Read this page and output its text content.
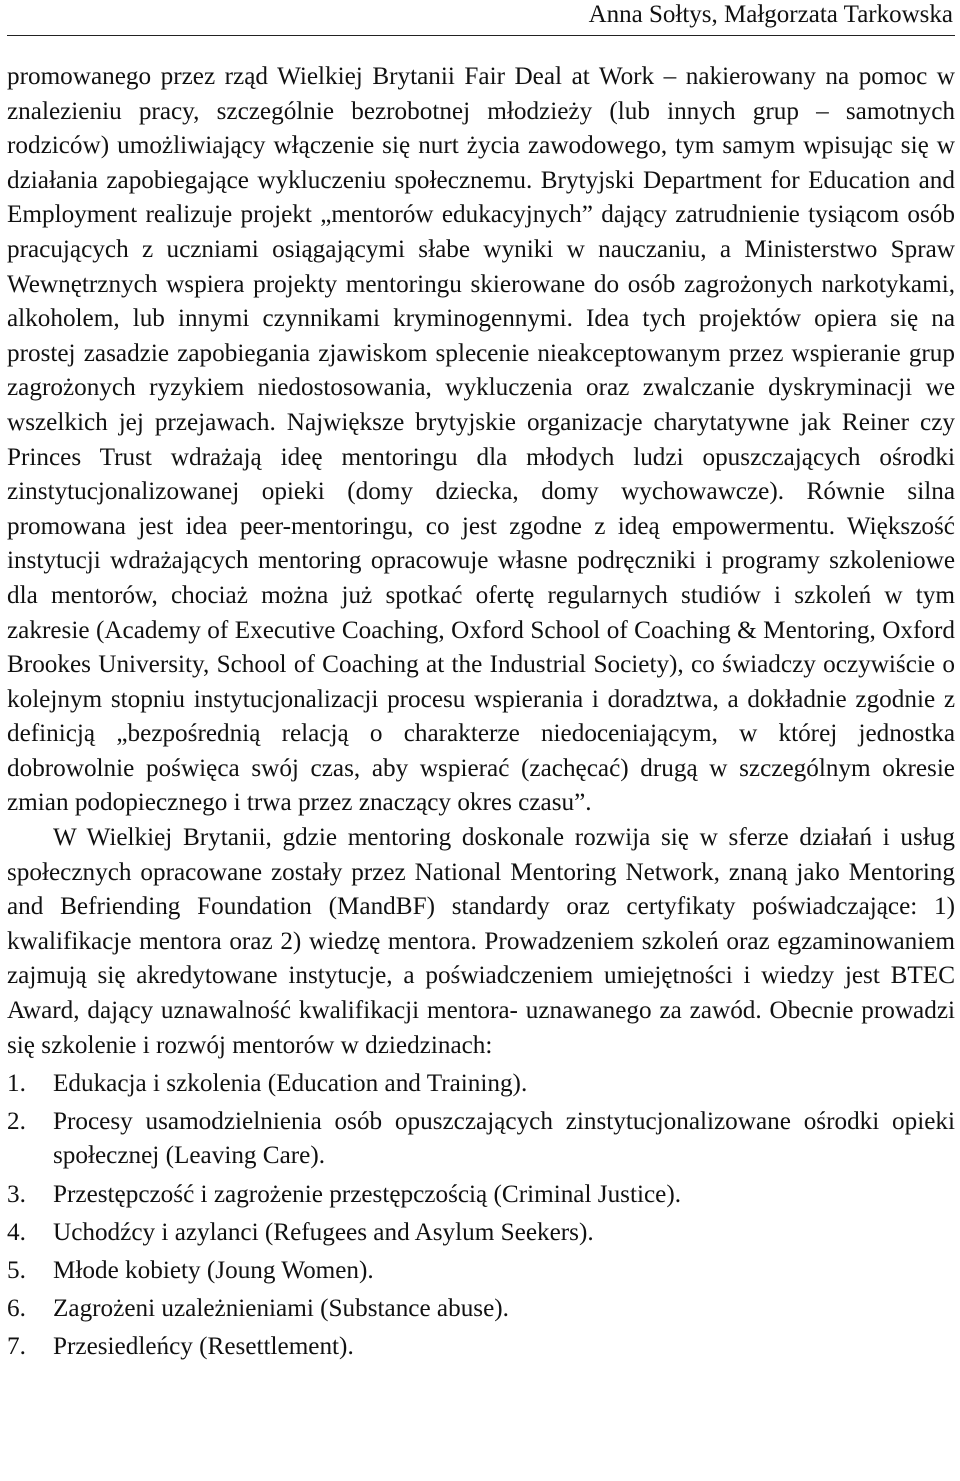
Anna Sołtys, Małgorzata Tarkowska

promowanego przez rząd Wielkiej Brytanii Fair Deal at Work – nakierowany na pomoc w znalezieniu pracy, szczególnie bezrobotnej młodzieży (lub innych grup – samotnych rodziców) umożliwiający włączenie się nurt życia zawodowego, tym samym wpisując się w działania zapobiegające wykluczeniu społecznemu. Brytyjski Department for Education and Employment realizuje projekt „mentorów edukacyjnych” dający zatrudnienie tysiącom osób pracujących z uczniami osiągającymi słabe wyniki w nauczaniu, a Ministerstwo Spraw Wewnętrznych wspiera projekty mentoringu skierowane do osób zagrożonych narkotykami, alkoholem, lub innymi czynnikami kryminogennymi. Idea tych projektów opiera się na prostej zasadzie zapobiegania zjawiskom splecenie nieakceptowanym przez wspieranie grup zagrożonych ryzykiem niedostosowania, wykluczenia oraz zwalczanie dyskryminacji we wszelkich jej przejawach. Największe brytyjskie organizacje charytatywne jak Reiner czy Princes Trust wdrażają ideę mentoringu dla młodych ludzi opuszczających ośrodki zinstytucjonalizowanej opieki (domy dziecka, domy wychowawcze). Równie silna promowana jest idea peer-mentoringu, co jest zgodne z ideą empowermentu. Większość instytucji wdrażających mentoring opracowuje własne podręczniki i programy szkoleniowe dla mentorów, chociaż można już spotkać ofertę regularnych studiów i szkoleń w tym zakresie (Academy of Executive Coaching, Oxford School of Coaching & Mentoring, Oxford Brookes University, School of Coaching at the Industrial Society), co świadczy oczywiście o kolejnym stopniu instytucjonalizacji procesu wspierania i doradztwa, a dokładnie zgodnie z definicją „bezpośrednią relacją o charakterze niedoceniającym, w której jednostka dobrowolnie poświęca swój czas, aby wspierać (zachęcać) drugą w szczególnym okresie zmian podopiecznego i trwa przez znaczący okres czasu”.

W Wielkiej Brytanii, gdzie mentoring doskonale rozwija się w sferze działań i usług społecznych opracowane zostały przez National Mentoring Network, znaną jako Mentoring and Befriending Foundation (MandBF) standardy oraz certyfikaty poświadczające: 1) kwalifikacje mentora oraz 2) wiedzę mentora. Prowadzeniem szkoleń oraz egzaminowaniem zajmują się akredytowane instytucje, a poświadczeniem umiejętności i wiedzy jest BTEC Award, dający uznawalność kwalifikacji mentora- uznawanego za zawód. Obecnie prowadzi się szkolenie i rozwój mentorów w dziedzinach:

1. Edukacja i szkolenia (Education and Training).
2. Procesy usamodzielnienia osób opuszczających zinstytucjonalizowane ośrodki opieki społecznej (Leaving Care).
3. Przestępczość i zagrożenie przestępczością (Criminal Justice).
4. Uchodźcy i azylanci (Refugees and Asylum Seekers).
5. Młode kobiety (Joung Women).
6. Zagrożeni uzależnieniami (Substance abuse).
7. Przesiedleńcy (Resettlement).
